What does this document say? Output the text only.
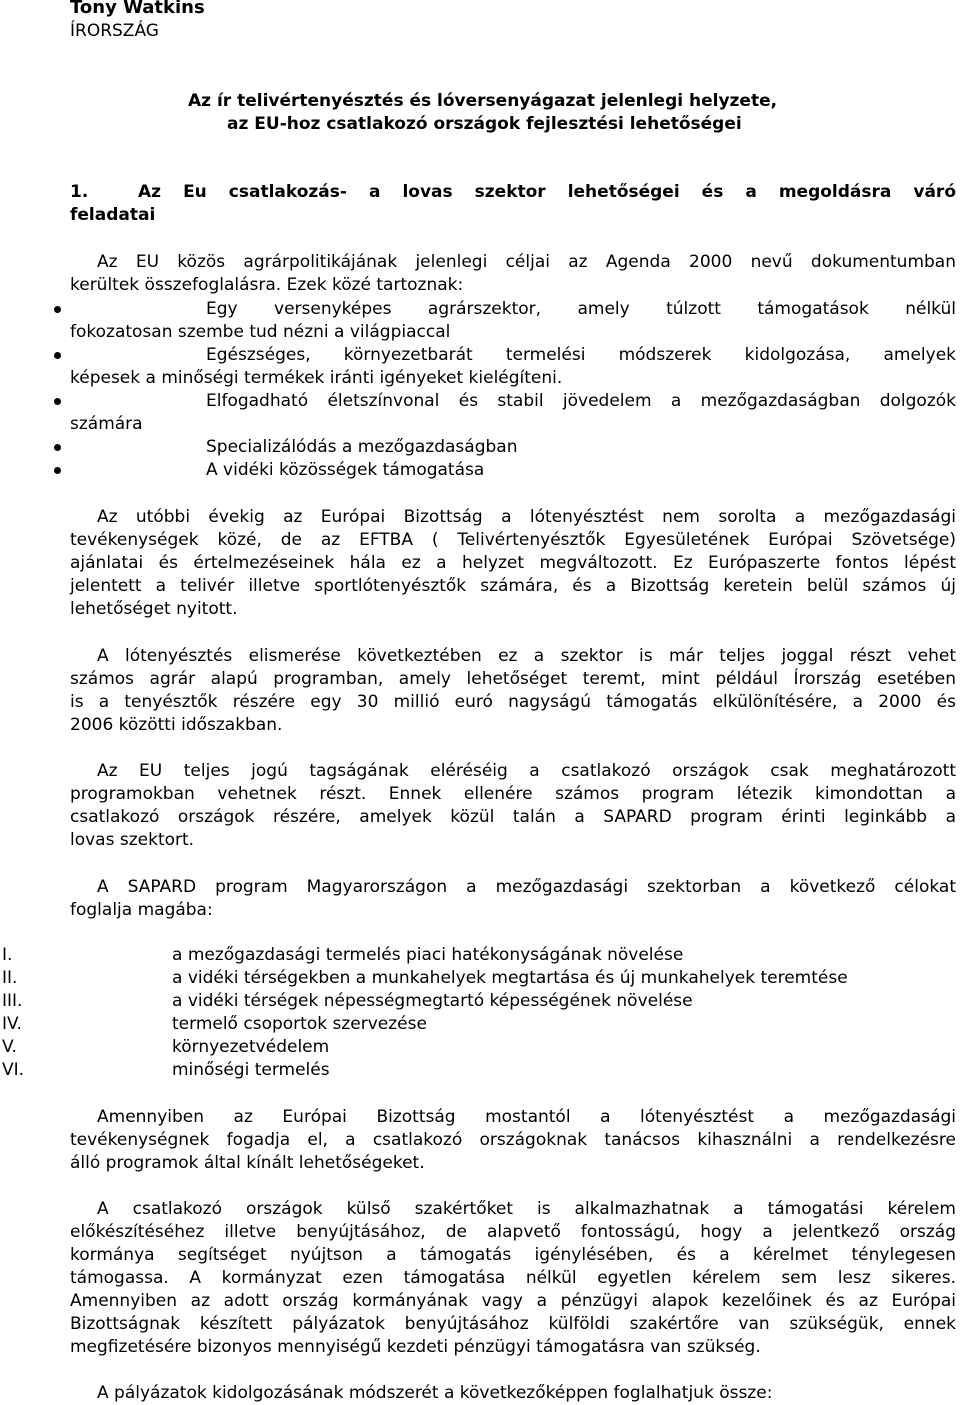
Tony Watkins
ÍRORSZÁG
Az ír telivértenyésztés és lóversenyágazat jelenlegi helyzete,
az EU-hoz csatlakozó országok fejlesztési lehetőségei
1.	Az Eu csatlakozás- a lovas szektor lehetőségei és a megoldásra váró
feladatai
Az EU közös agrárpolitikájának jelenlegi céljai az Agenda 2000 nevű dokumentumban
kerültek összefoglalásra. Ezek közé tartoznak:
Egy versenyképes agrárszektor, amely túlzott támogatások nélkül
fokozatosan szembe tud nézni a világpiaccal
Egészséges, környezetbarát termelési módszerek kidolgozása, amelyek
képesek a minőségi termékek iránti igényeket kielégíteni.
Elfogadható életszínvonal és stabil jövedelem a mezőgazdaságban dolgozók
számára
Specializálódás a mezőgazdaságban
A vidéki közösségek támogatása
Az utóbbi évekig az Európai Bizottság a lótenyésztést nem sorolta a mezőgazdasági
tevékenységek közé, de az EFTBA ( Telivértenyésztők Egyesületének Európai Szövetsége)
ajánlatai és értelmezéseinek hála ez a helyzet megváltozott. Ez Európaszerte fontos lépést
jelentett a telivér illetve sportlótenyésztők számára, és a Bizottság keretein belül számos új
lehetőséget nyitott.
A lótenyésztés elismerése következtében ez a szektor is már teljes joggal részt vehet
számos agrár alapú programban, amely lehetőséget teremt, mint például Írország esetében
is a tenyésztők részére egy 30 millió euró nagyságú támogatás elkülönítésére, a 2000 és
2006 közötti időszakban.
Az EU teljes jogú tagságának eléréséig a csatlakozó országok csak meghatározott
programokban vehetnek részt. Ennek ellenére számos program létezik kimondottan a
csatlakozó országok részére, amelyek közül talán a SAPARD program érinti leginkább a
lovas szektort.
A SAPARD program Magyarországon a mezőgazdasági szektorban a következő célokat
foglalja magába:
I.	a mezőgazdasági termelés piaci hatékonyságának növelése
II.	a vidéki térségekben a munkahelyek megtartása és új munkahelyek teremtése
III.	a vidéki térségek népességmegtartó képességének növelése
IV.	termelő csoportok szervezése
V.	környezetvédelem
VI.	minőségi termelés
Amennyiben az Európai Bizottság mostantól a lótenyésztést a mezőgazdasági
tevékenységnek fogadja el, a csatlakozó országoknak tanácsos kihasználni a rendelkezésre
álló programok által kínált lehetőségeket.
A csatlakozó országok külső szakértőket is alkalmazhatnak a támogatási kérelem
előkészítéséhez illetve benyújtásához, de alapvető fontosságú, hogy a jelentkező ország
kormánya segítséget nyújtson a támogatás igénylésében, és a kérelmet ténylegesen
támogassa. A kormányzat ezen támogatása nélkül egyetlen kérelem sem lesz sikeres.
Amennyiben az adott ország kormányának vagy a pénzügyi alapok kezelőinek és az Európai
Bizottságnak készített pályázatok benyújtásához külföldi szakértőre van szükségük, ennek
megfizetésére bizonyos mennyiségű kezdeti pénzügyi támogatásra van szükség.
A pályázatok kidolgozásának módszerét a következőképpen foglalhatjuk össze:
